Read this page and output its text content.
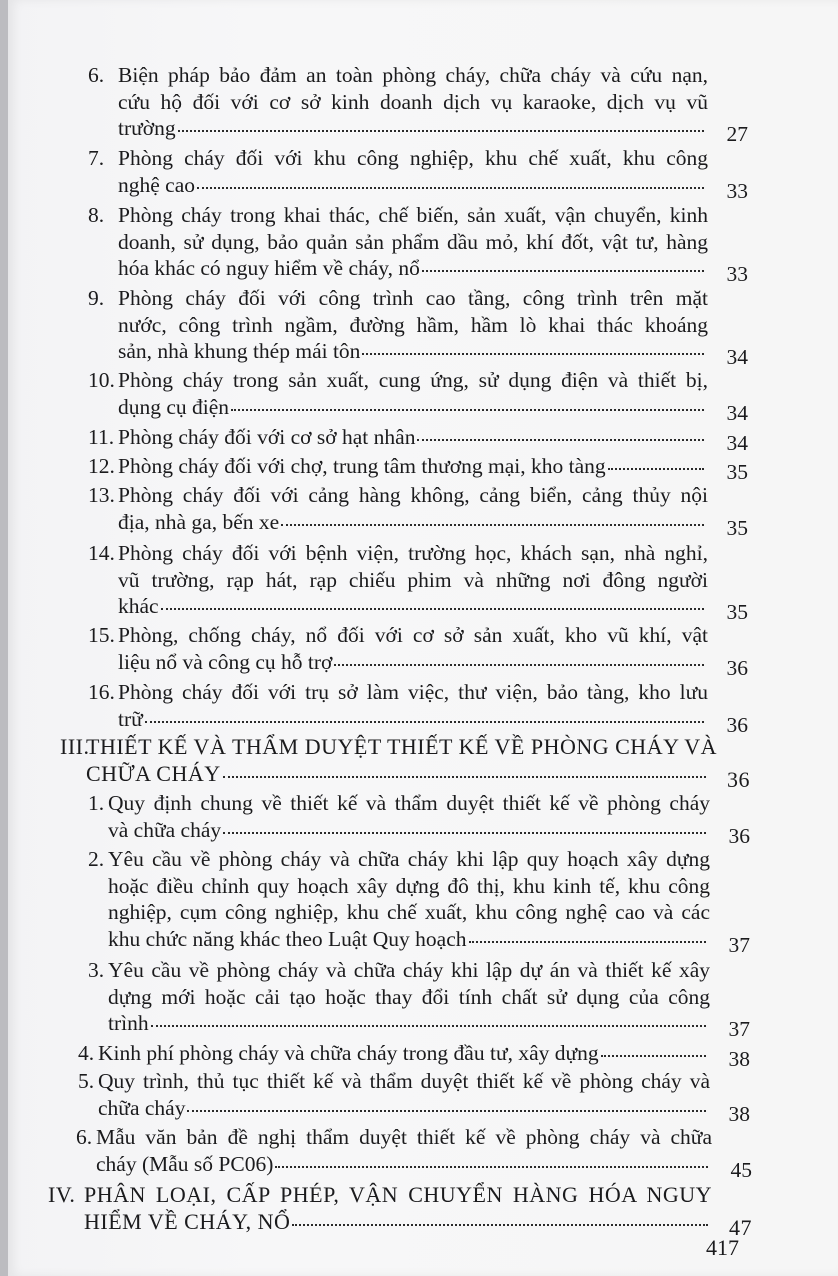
6. Biện pháp bảo đảm an toàn phòng cháy, chữa cháy và cứu nạn,
cứu hộ đối với cơ sở kinh doanh dịch vụ karaoke, dịch vụ vũ
trường	27
7. Phòng cháy đối với khu công nghiệp, khu chế xuất, khu công
nghệ cao	33
8. Phòng cháy trong khai thác, chế biến, sản xuất, vận chuyển, kinh
doanh, sử dụng, bảo quản sản phẩm dầu mỏ, khí đốt, vật tư, hàng
hóa khác có nguy hiểm về cháy, nổ	33
9. Phòng cháy đối với công trình cao tầng, công trình trên mặt
nước, công trình ngầm, đường hầm, hầm lò khai thác khoáng
sản, nhà khung thép mái tôn	34
10. Phòng cháy trong sản xuất, cung ứng, sử dụng điện và thiết bị,
dụng cụ điện	34
11. Phòng cháy đối với cơ sở hạt nhân	34
12. Phòng cháy đối với chợ, trung tâm thương mại, kho tàng	35
13. Phòng cháy đối với cảng hàng không, cảng biển, cảng thủy nội
địa, nhà ga, bến xe	35
14. Phòng cháy đối với bệnh viện, trường học, khách sạn, nhà nghỉ,
vũ trường, rạp hát, rạp chiếu phim và những nơi đông người
khác	35
15. Phòng, chống cháy, nổ đối với cơ sở sản xuất, kho vũ khí, vật
liệu nổ và công cụ hỗ trợ	36
16. Phòng cháy đối với trụ sở làm việc, thư viện, bảo tàng, kho lưu
trữ	36
III.
THIẾT KẾ VÀ THẨM DUYỆT THIẾT KẾ VỀ PHÒNG CHÁY VÀ
CHỮA CHÁY	36
1. Quy định chung về thiết kế và thẩm duyệt thiết kế về phòng cháy
và chữa cháy	36
2. Yêu cầu về phòng cháy và chữa cháy khi lập quy hoạch xây dựng
hoặc điều chỉnh quy hoạch xây dựng đô thị, khu kinh tế, khu công
nghiệp, cụm công nghiệp, khu chế xuất, khu công nghệ cao và các
khu chức năng khác theo Luật Quy hoạch	37
3. Yêu cầu về phòng cháy và chữa cháy khi lập dự án và thiết kế xây
dựng mới hoặc cải tạo hoặc thay đổi tính chất sử dụng của công
trình	37
4. Kinh phí phòng cháy và chữa cháy trong đầu tư, xây dựng	38
5. Quy trình, thủ tục thiết kế và thẩm duyệt thiết kế về phòng cháy và
chữa cháy	38
6. Mẫu văn bản đề nghị thẩm duyệt thiết kế về phòng cháy và chữa
cháy (Mẫu số PC06)	45
IV. PHÂN LOẠI, CẤP PHÉP, VẬN CHUYỂN HÀNG HÓA NGUY
HIỂM VỀ CHÁY, NỔ	47
417
